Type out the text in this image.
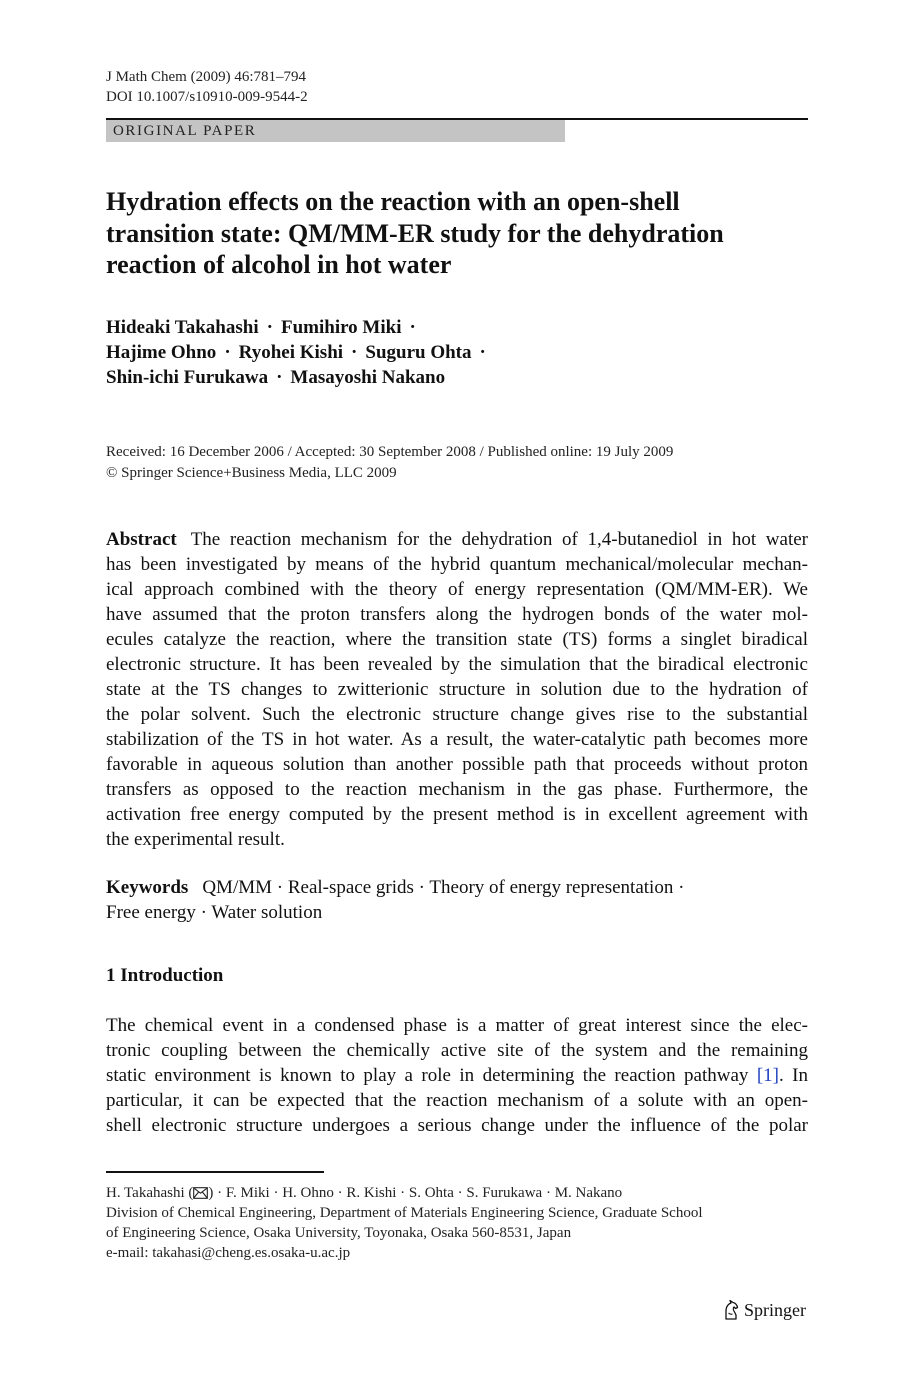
J Math Chem (2009) 46:781–794
DOI 10.1007/s10910-009-9544-2
ORIGINAL PAPER
Hydration effects on the reaction with an open-shell
transition state: QM/MM-ER study for the dehydration
reaction of alcohol in hot water
Hideaki Takahashi · Fumihiro Miki ·
Hajime Ohno · Ryohei Kishi · Suguru Ohta ·
Shin-ichi Furukawa · Masayoshi Nakano
Received: 16 December 2006 / Accepted: 30 September 2008 / Published online: 19 July 2009
© Springer Science+Business Media, LLC 2009
Abstract The reaction mechanism for the dehydration of 1,4-butanediol in hot water
has been investigated by means of the hybrid quantum mechanical/molecular mechan-
ical approach combined with the theory of energy representation (QM/MM-ER). We
have assumed that the proton transfers along the hydrogen bonds of the water mol-
ecules catalyze the reaction, where the transition state (TS) forms a singlet biradical
electronic structure. It has been revealed by the simulation that the biradical electronic
state at the TS changes to zwitterionic structure in solution due to the hydration of
the polar solvent. Such the electronic structure change gives rise to the substantial
stabilization of the TS in hot water. As a result, the water-catalytic path becomes more
favorable in aqueous solution than another possible path that proceeds without proton
transfers as opposed to the reaction mechanism in the gas phase. Furthermore, the
activation free energy computed by the present method is in excellent agreement with
the experimental result.
Keywords QM/MM · Real-space grids · Theory of energy representation ·
Free energy · Water solution
1 Introduction
The chemical event in a condensed phase is a matter of great interest since the elec-
tronic coupling between the chemically active site of the system and the remaining
static environment is known to play a role in determining the reaction pathway [1]. In
particular, it can be expected that the reaction mechanism of a solute with an open-
shell electronic structure undergoes a serious change under the influence of the polar
H. Takahashi ( ) · F. Miki · H. Ohno · R. Kishi · S. Ohta · S. Furukawa · M. Nakano
Division of Chemical Engineering, Department of Materials Engineering Science, Graduate School
of Engineering Science, Osaka University, Toyonaka, Osaka 560-8531, Japan
e-mail: takahasi@cheng.es.osaka-u.ac.jp
Springer
